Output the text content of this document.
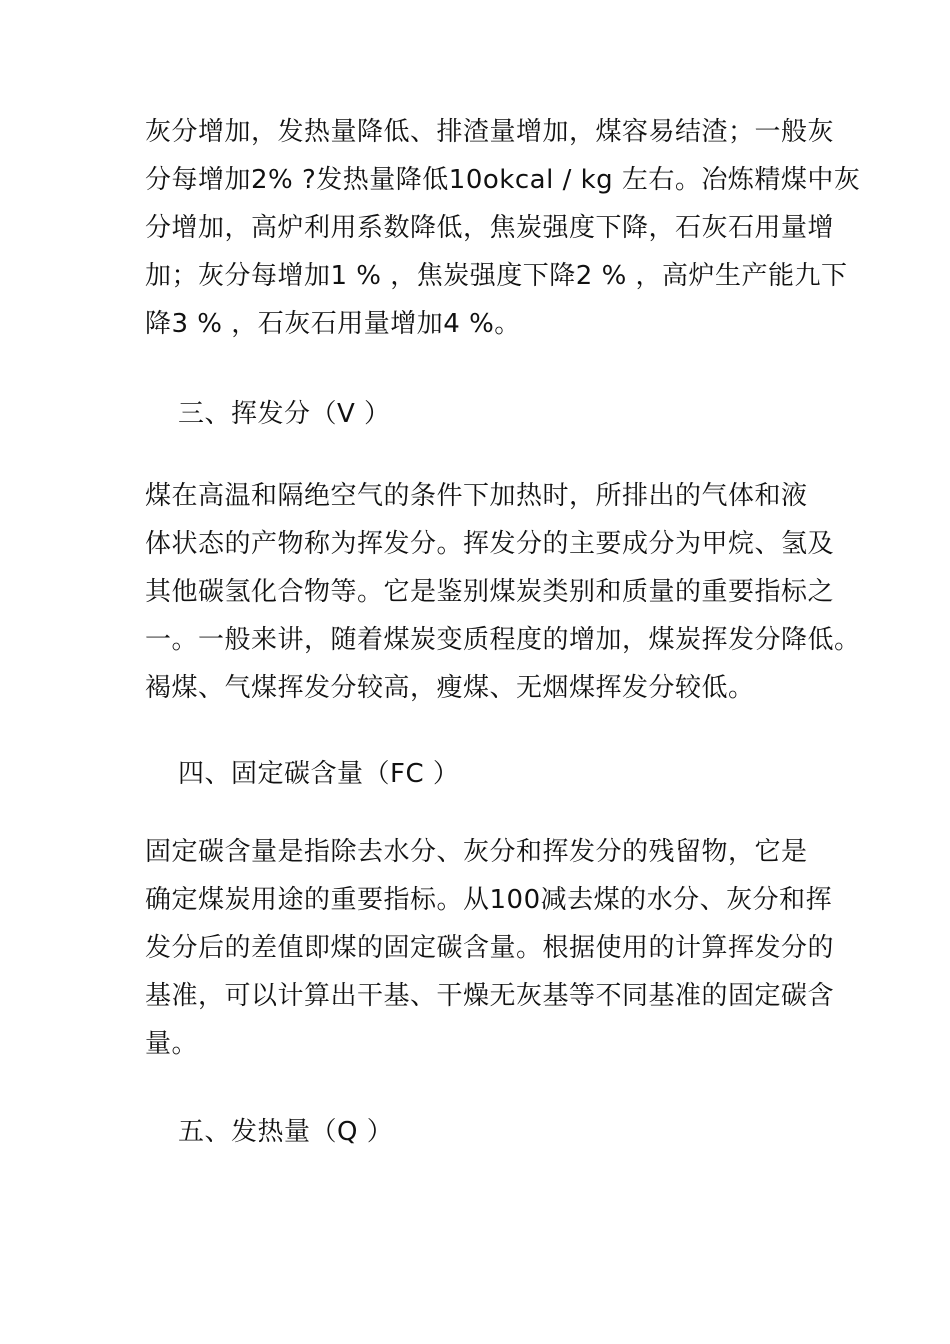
灰分增加，发热量降低、排渣量增加，煤容易结渣；一般灰
分每增加2% ?发热量降低10okcal / kg 左右。冶炼精煤中灰
分增加，高炉利用系数降低，焦炭强度下降，石灰石用量增
加；灰分每增加1 % ，焦炭强度下降2 % ，高炉生产能九下
降3 % ，石灰石用量增加4 %。
三、挥发分（V ）
煤在高温和隔绝空气的条件下加热时，所排出的气体和液
体状态的产物称为挥发分。挥发分的主要成分为甲烷、氢及
其他碳氢化合物等。它是鉴别煤炭类别和质量的重要指标之
一。一般来讲，随着煤炭变质程度的增加，煤炭挥发分降低。
褐煤、气煤挥发分较高，瘦煤、无烟煤挥发分较低。
四、固定碳含量（FC ）
固定碳含量是指除去水分、灰分和挥发分的残留物，它是
确定煤炭用途的重要指标。从100减去煤的水分、灰分和挥
发分后的差值即煤的固定碳含量。根据使用的计算挥发分的
基准，可以计算出干基、干燥无灰基等不同基准的固定碳含
量。
五、发热量（Q ）
